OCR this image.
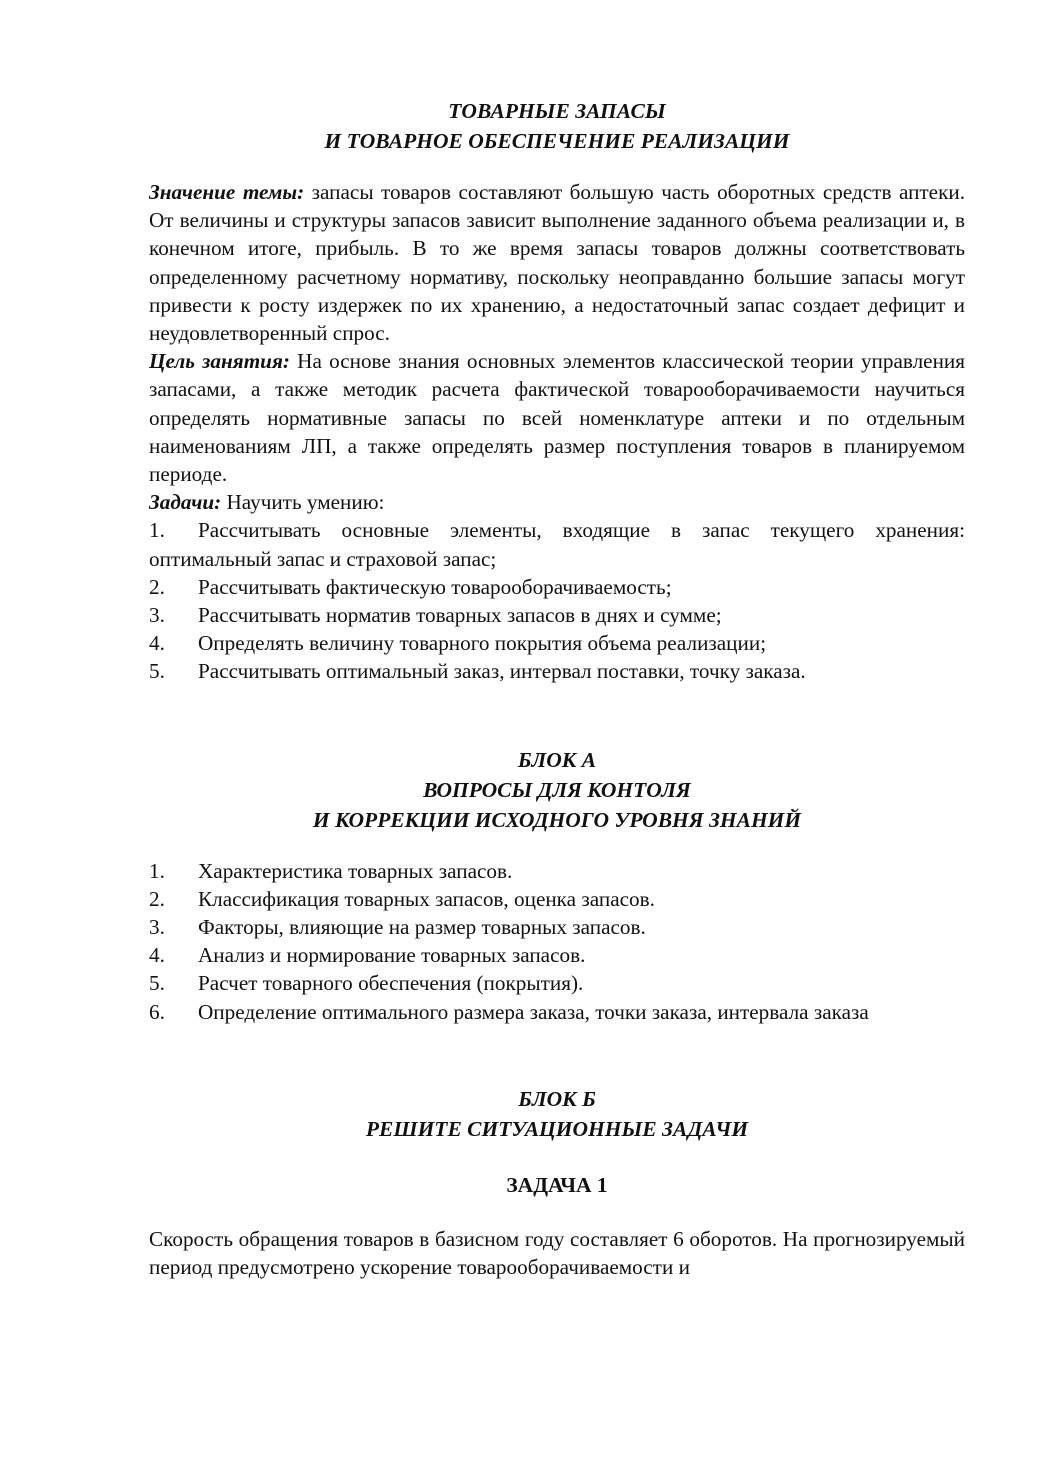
ТОВАРНЫЕ ЗАПАСЫ
И ТОВАРНОЕ ОБЕСПЕЧЕНИЕ РЕАЛИЗАЦИИ

Значение темы: запасы товаров составляют большую часть оборотных средств аптеки. От величины и структуры запасов зависит выполнение заданного объема реализации и, в конечном итоге, прибыль. В то же время запасы товаров должны соответствовать определенному расчетному нормативу, поскольку неоправданно большие запасы могут привести к росту издержек по их хранению, а недостаточный запас создает дефицит и неудовлетворенный спрос.

Цель занятия: На основе знания основных элементов классической теории управления запасами, а также методик расчета фактической товарооборачиваемости научиться определять нормативные запасы по всей номенклатуре аптеки и по отдельным наименованиям ЛП, а также определять размер поступления товаров в планируемом периоде.

Задачи: Научить умению:

1. Рассчитывать основные элементы, входящие в запас текущего хранения: оптимальный запас и страховой запас;
2. Рассчитывать фактическую товарооборачиваемость;
3. Рассчитывать норматив товарных запасов в днях и сумме;
4. Определять величину товарного покрытия объема реализации;
5. Рассчитывать оптимальный заказ, интервал поставки, точку заказа.
БЛОК А
ВОПРОСЫ ДЛЯ КОНТОЛЯ
И КОРРЕКЦИИ ИСХОДНОГО УРОВНЯ ЗНАНИЙ
1. Характеристика товарных запасов.
2. Классификация товарных запасов, оценка запасов.
3. Факторы, влияющие на размер товарных запасов.
4. Анализ и нормирование товарных запасов.
5. Расчет товарного обеспечения (покрытия).
6. Определение оптимального размера заказа, точки заказа, интервала заказа
БЛОК Б
РЕШИТЕ СИТУАЦИОННЫЕ ЗАДАЧИ
ЗАДАЧА 1

Скорость обращения товаров в базисном году составляет 6 оборотов. На прогнозируемый период предусмотрено ускорение товарооборачиваемости и
